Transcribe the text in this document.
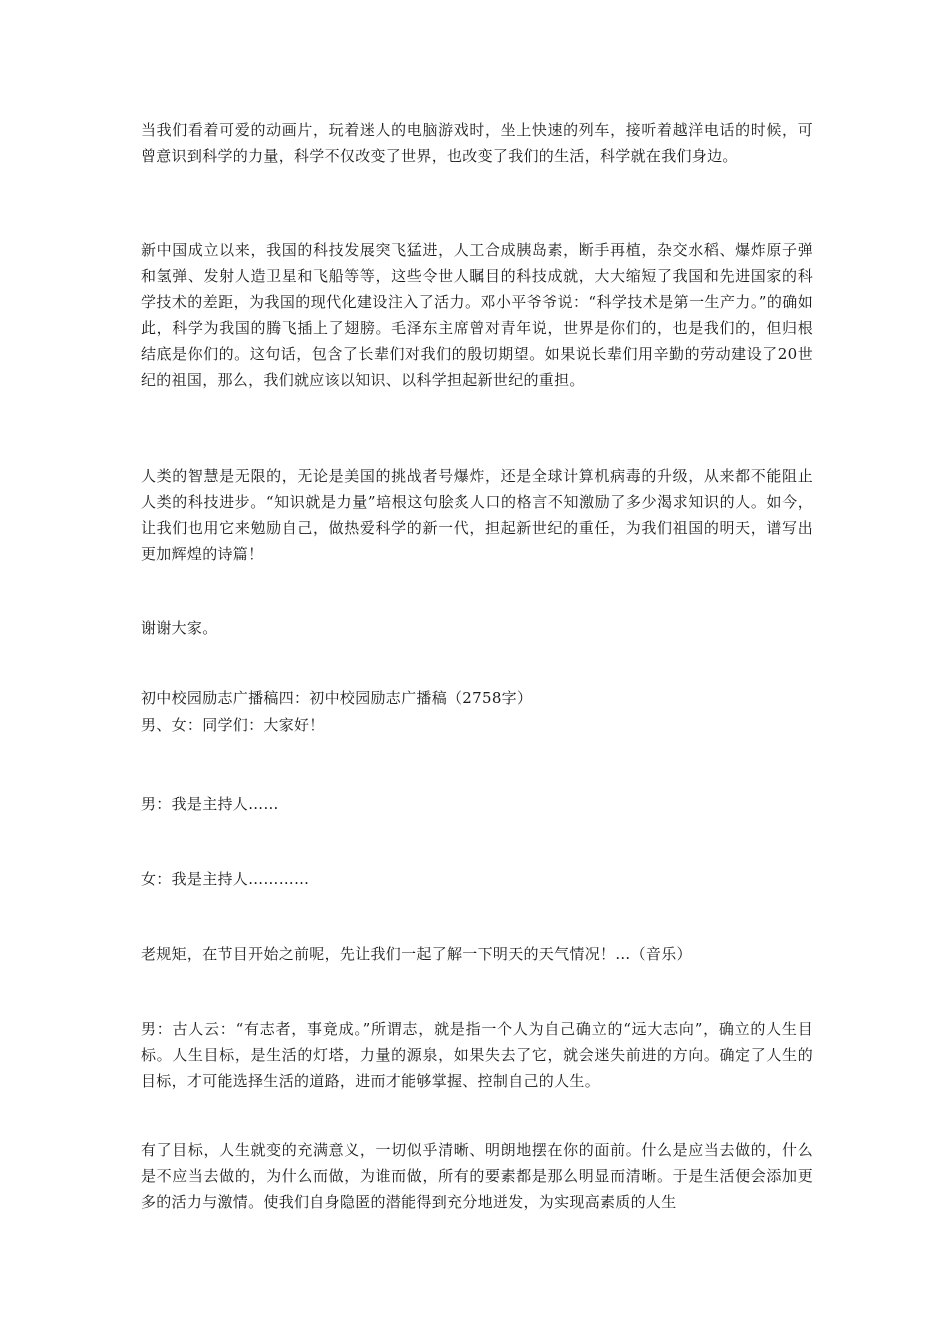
当我们看着可爱的动画片，玩着迷人的电脑游戏时，坐上快速的列车，接听着越洋电话的时候，可曾意识到科学的力量，科学不仅改变了世界，也改变了我们的生活，科学就在我们身边。
新中国成立以来，我国的科技发展突飞猛进，人工合成胰岛素，断手再植，杂交水稻、爆炸原子弹和氢弹、发射人造卫星和飞船等等，这些令世人瞩目的科技成就，大大缩短了我国和先进国家的科学技术的差距，为我国的现代化建设注入了活力。邓小平爷爷说：“科学技术是第一生产力。”的确如此，科学为我国的腾飞插上了翅膀。毛泽东主席曾对青年说，世界是你们的，也是我们的，但归根结底是你们的。这句话，包含了长辈们对我们的殷切期望。如果说长辈们用辛勤的劳动建设了20世纪的祖国，那么，我们就应该以知识、以科学担起新世纪的重担。
人类的智慧是无限的，无论是美国的挑战者号爆炸，还是全球计算机病毒的升级，从来都不能阻止人类的科技进步。“知识就是力量”培根这句脍炙人口的格言不知激励了多少渴求知识的人。如今，让我们也用它来勉励自己，做热爱科学的新一代，担起新世纪的重任，为我们祖国的明天，谱写出更加辉煌的诗篇！
谢谢大家。
初中校园励志广播稿四：初中校园励志广播稿（2758字）
男、女：同学们：大家好！
男：我是主持人……
女：我是主持人…………
老规矩，在节目开始之前呢，先让我们一起了解一下明天的天气情况！…（音乐）
男：古人云：“有志者，事竟成。”所谓志，就是指一个人为自己确立的“远大志向”，确立的人生目标。人生目标，是生活的灯塔，力量的源泉，如果失去了它，就会迷失前进的方向。确定了人生的目标，才可能选择生活的道路，进而才能够掌握、控制自己的人生。
有了目标，人生就变的充满意义，一切似乎清晰、明朗地摆在你的面前。什么是应当去做的，什么是不应当去做的，为什么而做，为谁而做，所有的要素都是那么明显而清晰。于是生活便会添加更多的活力与激情。使我们自身隐匿的潜能得到充分地迸发，为实现高素质的人生
